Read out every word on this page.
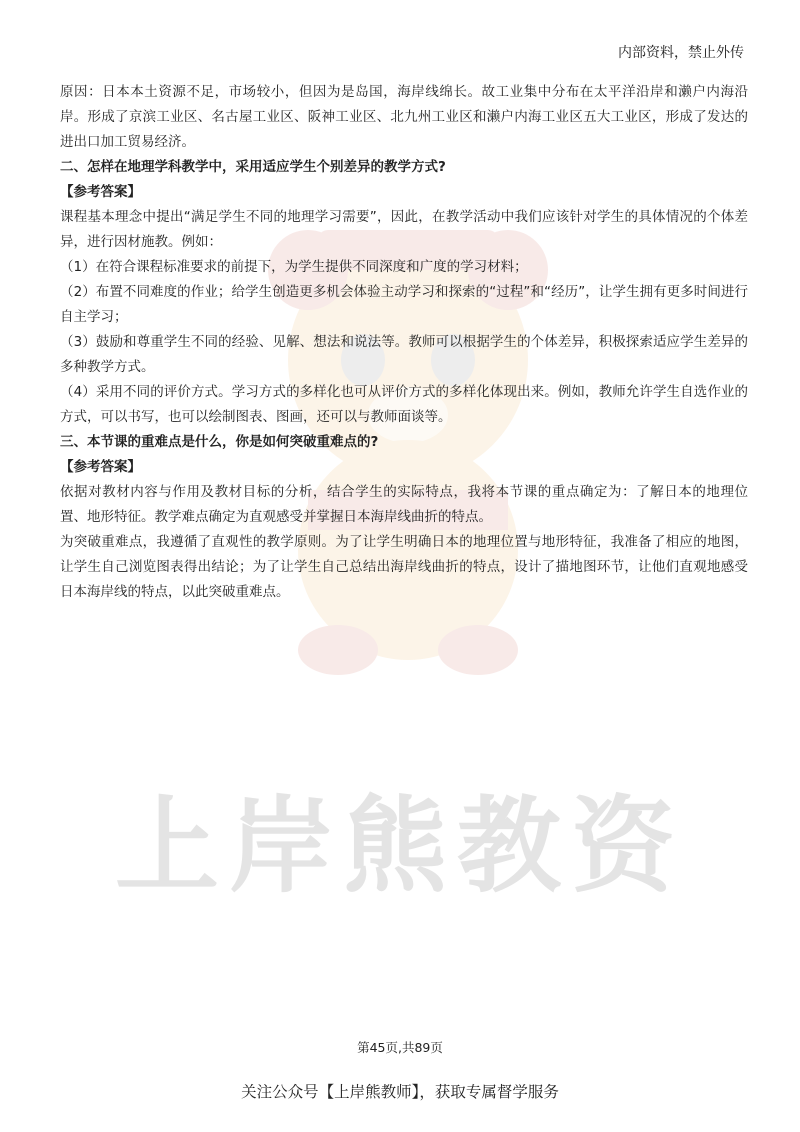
上岸熊教资
内部资料，禁止外传

原因：日本本土资源不足，市场较小，但因为是岛国，海岸线绵长。故工业集中分布在太平洋沿岸和濑户内海沿岸。形成了京滨工业区、名古屋工业区、阪神工业区、北九州工业区和濑户内海工业区五大工业区，形成了发达的进出口加工贸易经济。

二、怎样在地理学科教学中，采用适应学生个别差异的教学方式?

【参考答案】

课程基本理念中提出“满足学生不同的地理学习需要”，因此，在教学活动中我们应该针对学生的具体情况的个体差异，进行因材施教。例如：

（1）在符合课程标准要求的前提下，为学生提供不同深度和广度的学习材料；

（2）布置不同难度的作业；给学生创造更多机会体验主动学习和探索的“过程”和“经历”，让学生拥有更多时间进行自主学习；

（3）鼓励和尊重学生不同的经验、见解、想法和说法等。教师可以根据学生的个体差异，积极探索适应学生差异的多种教学方式。

（4）采用不同的评价方式。学习方式的多样化也可从评价方式的多样化体现出来。例如，教师允许学生自选作业的方式，可以书写，也可以绘制图表、图画，还可以与教师面谈等。

三、本节课的重难点是什么，你是如何突破重难点的?

【参考答案】

依据对教材内容与作用及教材目标的分析，结合学生的实际特点，我将本节课的重点确定为：了解日本的地理位置、地形特征。教学难点确定为直观感受并掌握日本海岸线曲折的特点。

为突破重难点，我遵循了直观性的教学原则。为了让学生明确日本的地理位置与地形特征，我准备了相应的地图，让学生自己浏览图表得出结论；为了让学生自己总结出海岸线曲折的特点，设计了描地图环节，让他们直观地感受日本海岸线的特点，以此突破重难点。

第45页,共89页
关注公众号【上岸熊教师】，获取专属督学服务
